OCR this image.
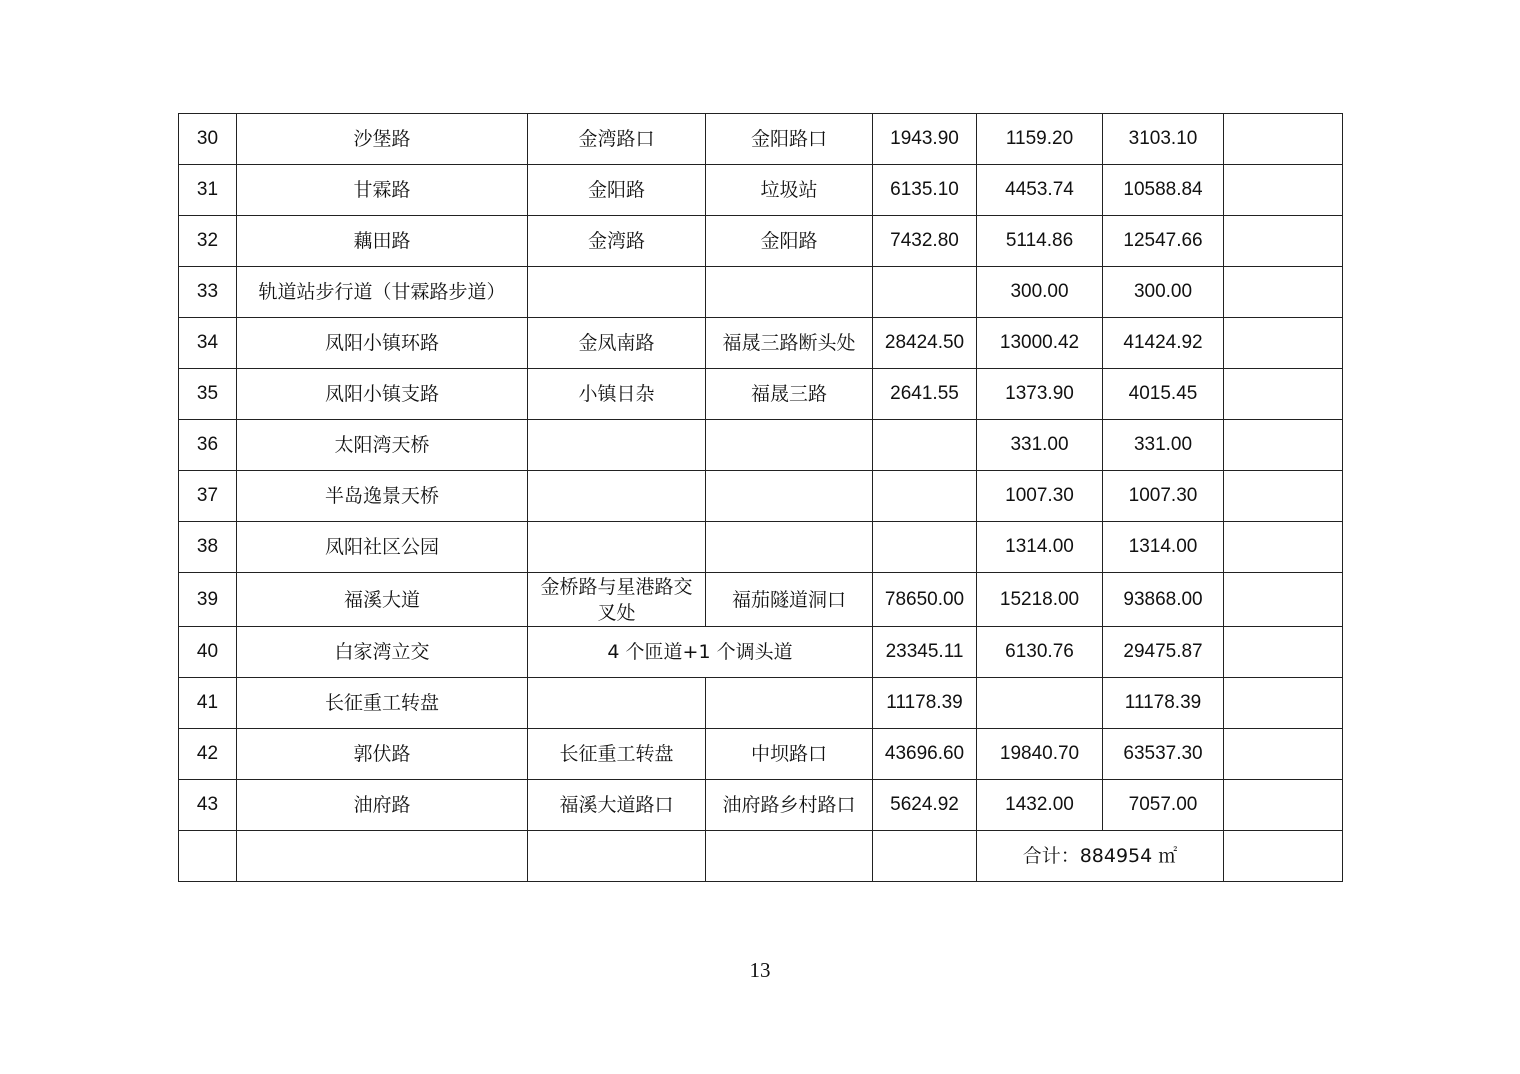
30	沙堡路	金湾路口	金阳路口	1943.90	1159.20	3103.10	
31	甘霖路	金阳路	垃圾站	6135.10	4453.74	10588.84	
32	藕田路	金湾路	金阳路	7432.80	5114.86	12547.66	
33	轨道站步行道（甘霖路步道）				300.00	300.00	
34	凤阳小镇环路	金凤南路	福晟三路断头处	28424.50	13000.42	41424.92	
35	凤阳小镇支路	小镇日杂	福晟三路	2641.55	1373.90	4015.45	
36	太阳湾天桥				331.00	331.00	
37	半岛逸景天桥				1007.30	1007.30	
38	凤阳社区公园				1314.00	1314.00	
39	福溪大道	金桥路与星港路交叉处	福茄隧道洞口	78650.00	15218.00	93868.00	
40	白家湾立交	4 个匝道+1 个调头道		23345.11	6130.76	29475.87	
41	长征重工转盘			11178.39		11178.39	
42	郭伏路	长征重工转盘	中坝路口	43696.60	19840.70	63537.30	
43	油府路	福溪大道路口	油府路乡村路口	5624.92	1432.00	7057.00	
					合计：884954 ㎡		
13
